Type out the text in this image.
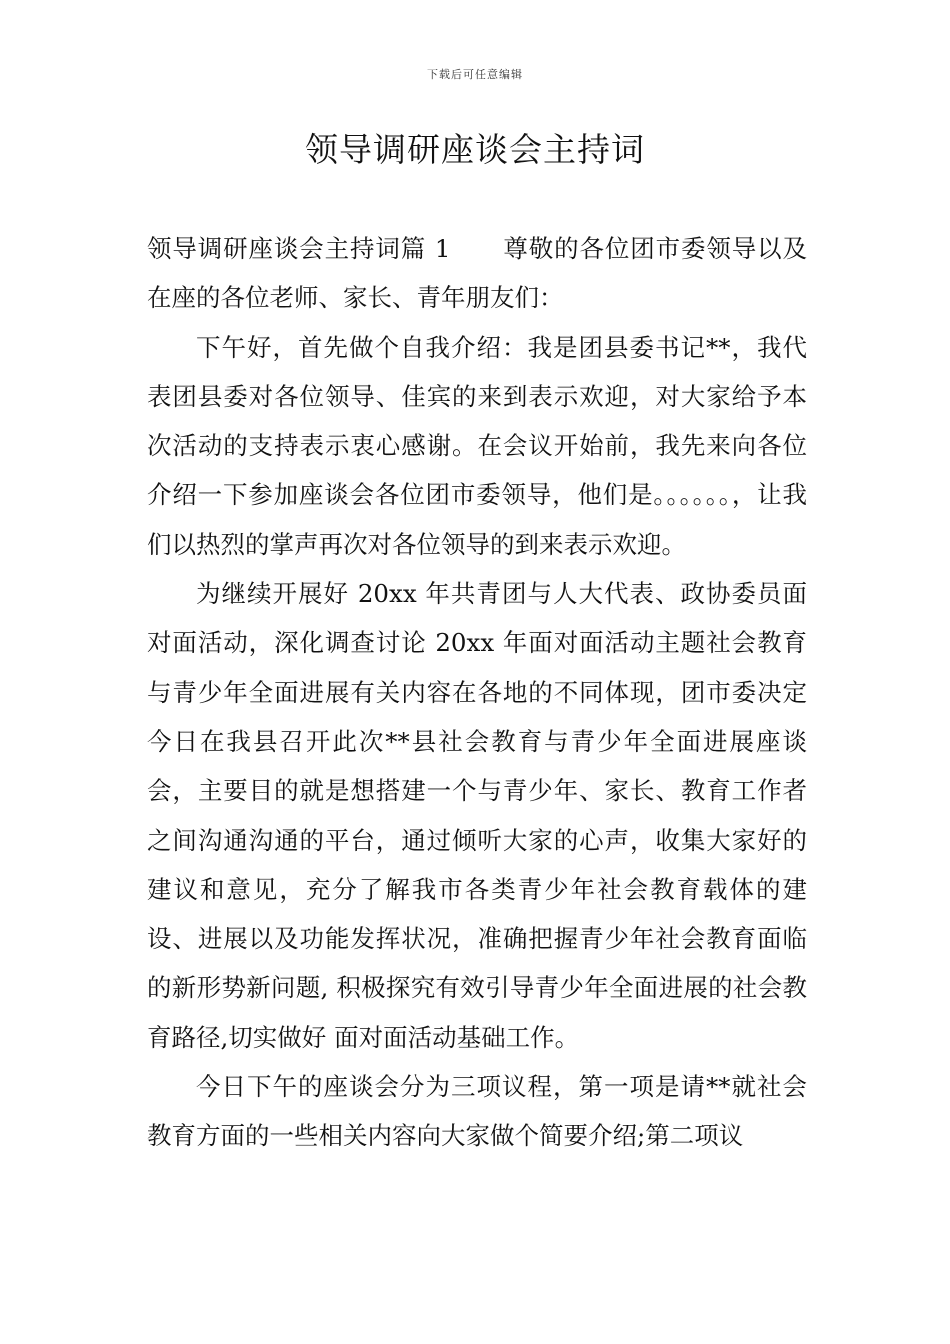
下载后可任意编辑
领导调研座谈会主持词

领导调研座谈会主持词篇 1 尊敬的各位团市委领导以及在座的各位老师、家长、青年朋友们：

下午好，首先做个自我介绍：我是团县委书记**，我代表团县委对各位领导、佳宾的来到表示欢迎，对大家给予本次活动的支持表示衷心感谢。在会议开始前，我先来向各位介绍一下参加座谈会各位团市委领导，他们是。。。。。。，让我们以热烈的掌声再次对各位领导的到来表示欢迎。

为继续开展好 20xx 年共青团与人大代表、政协委员面对面活动，深化调查讨论 20xx 年面对面活动主题社会教育与青少年全面进展有关内容在各地的不同体现，团市委决定今日在我县召开此次**县社会教育与青少年全面进展座谈会，主要目的就是想搭建一个与青少年、家长、教育工作者之间沟通沟通的平台，通过倾听大家的心声，收集大家好的建议和意见，充分了解我市各类青少年社会教育载体的建设、进展以及功能发挥状况，准确把握青少年社会教育面临的新形势新问题, 积极探究有效引导青少年全面进展的社会教育路径,切实做好 面对面活动基础工作。

今日下午的座谈会分为三项议程，第一项是请**就社会教育方面的一些相关内容向大家做个简要介绍;第二项议
